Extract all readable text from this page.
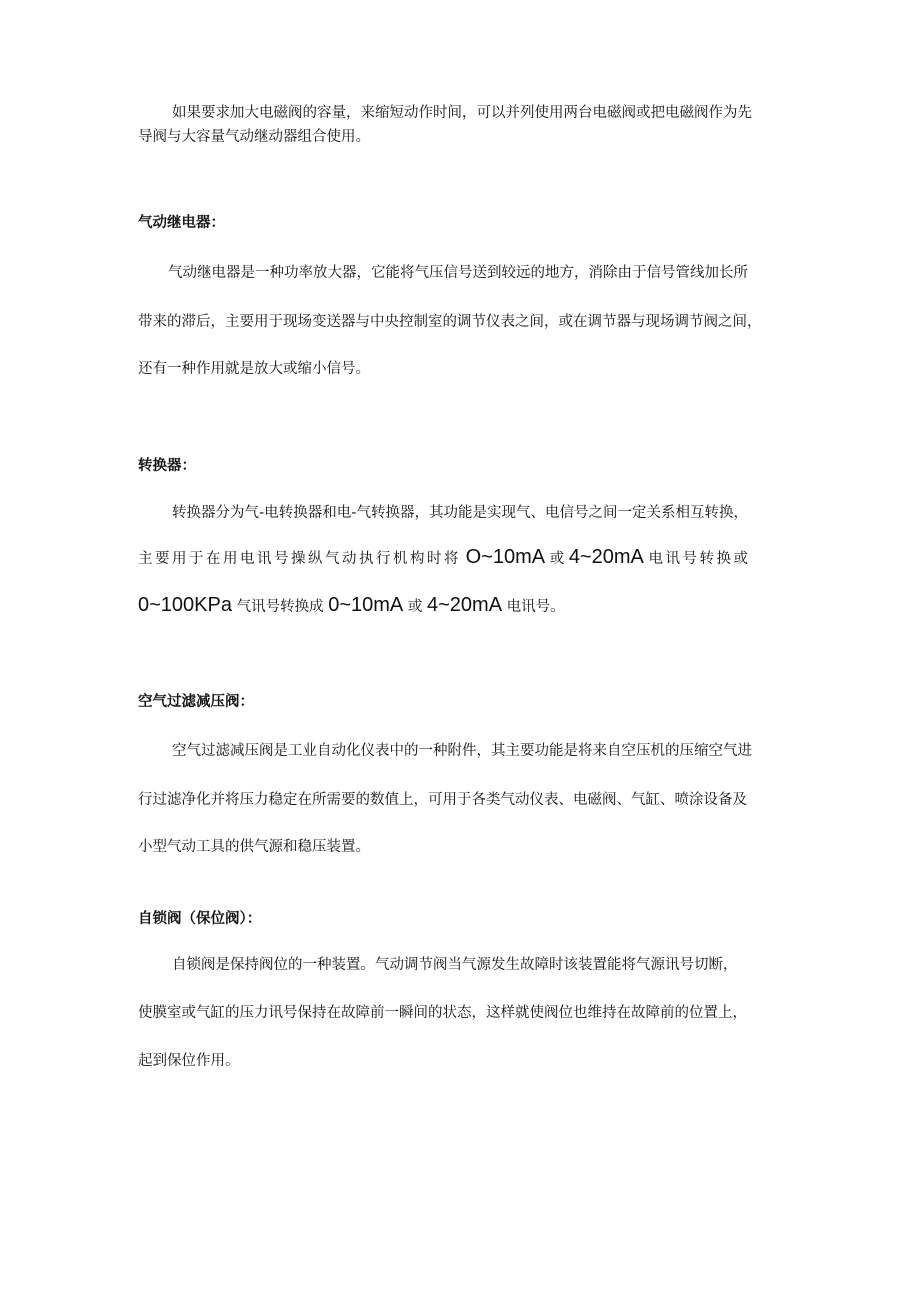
如果要求加大电磁阀的容量，来缩短动作时间，可以并列使用两台电磁阀或把电磁阀作为先
导阀与大容量气动继动器组合使用。
气动继电器：
气动继电器是一种功率放大器，它能将气压信号送到较远的地方，消除由于信号管线加长所
带来的滞后，主要用于现场变送器与中央控制室的调节仪表之间，或在调节器与现场调节阀之间，
还有一种作用就是放大或缩小信号。
转换器：
转换器分为气-电转换器和电-气转换器，其功能是实现气、电信号之间一定关系相互转换，
主要用于在用电讯号操纵气动执行机构时将 O~10mA 或 4~20mA 电讯号转换或
0~100KPa 气讯号转换成 0~10mA 或 4~20mA 电讯号。
空气过滤减压阀：
空气过滤减压阀是工业自动化仪表中的一种附件，其主要功能是将来自空压机的压缩空气进
行过滤净化并将压力稳定在所需要的数值上，可用于各类气动仪表、电磁阀、气缸、喷涂设备及
小型气动工具的供气源和稳压装置。
自锁阀（保位阀）：
自锁阀是保持阀位的一种装置。气动调节阀当气源发生故障时该装置能将气源讯号切断，
使膜室或气缸的压力讯号保持在故障前一瞬间的状态，这样就使阀位也维持在故障前的位置上，
起到保位作用。
